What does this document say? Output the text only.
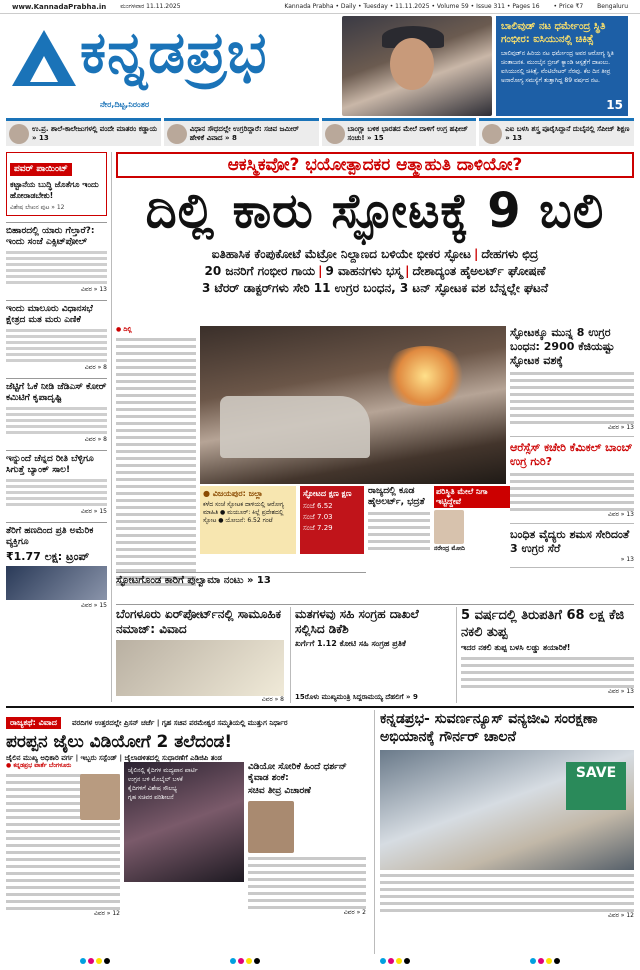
www.KannadaPrabha.in ಮಂಗಳವಾರ 11.11.2025	Kannada Prabha • Daily • Tuesday • 11.11.2025 • Volume 59 • Issue 311 • Pages 16 • Price ₹7 Bengaluru
ಕನ್ನಡಪ್ರಭ
ನೇರ,ದಿಟ್ಟ,ನಿರಂತರ
ಬಾಲಿವುಡ್ ನಟ ಧರ್ಮೇಂದ್ರ ಸ್ಥಿತಿ ಗಂಭೀರ: ಐಸಿಯುನಲ್ಲಿ ಚಿಕಿತ್ಸೆ
ಬಾಲಿವುಡ್‌ನ ಹಿರಿಯ ನಟ ಧರ್ಮೇಂದ್ರ ಅವರ ಆರೋಗ್ಯ ಸ್ಥಿತಿ ಚಿಂತಾಜನಕ. ಮುಂಬೈನ ಬ್ರೀಚ್ ಕ್ಯಾಂಡಿ ಆಸ್ಪತ್ರೆಗೆ ದಾಖಲು. ಐಸಿಯುನಲ್ಲಿ ಚಿಕಿತ್ಸೆ, ವೆಂಟಿಲೇಟರ್ ನೆರವು. ಕೆಲ ದಿನ ತೀವ್ರ ಅನಾರೋಗ್ಯ ಸಮಸ್ಯೆಗೆ ತುತ್ತಾಗಿದ್ದ 89 ವರ್ಷದ ನಟ.
15
ಉ.ಪ್ರ. ಶಾಲೆ-ಕಾಲೇಜುಗಳಲ್ಲಿ ವಂದೇ ಮಾತರಂ ಕಡ್ಡಾಯ » 13
ವಿಧಾನ ಸೌಧದಲ್ಲೇ ಉಗ್ರರಿದ್ದಾರೆ: ಸಚಿವ ಜಮೀರ್ ಹೇಳಿಕೆ ವಿವಾದ » 8
ಬಾಂಗ್ಲಾ ಬಳಿಕ ಭಾರತದ ಮೇಲೆ ದಾಳಿಗೆ ಉಗ್ರ ಹಫೀಜ್ ಸಂಚು! » 15
ಎಐ ಬಳಸಿ ಶಸ್ತ್ರ ಪೂರೈಸಿದ್ದಾನೆ ದುಬೈನಲ್ಲಿ ಸೆಪೀಜ್ ಶಿಕ್ಷಣ » 13
ಪವರ್ ಪಾಯಿಂಟ್
ಕಟ್ಟಾನೆಯ ಬುದ್ಧಿ ಜೊತೆಗೂ ಇಂದು ಹೋರಾಡಬೇಕು!
ವಿಶೇಷ ಲೇಖನ ಪುಟ » 12
ಬಿಹಾರದಲ್ಲಿ ಯಾರು ಗೆಲ್ತಾರೆ?: ಇಂದು ಸಂಜೆ ಎಕ್ಸಿಟ್‌ಪೋಲ್
ವಿವರ » 13
ಇಂದು ಮಾಲೂರು ವಿಧಾನಸಭೆ ಕ್ಷೇತ್ರದ ಮತ ಮರು ಎಣಿಕೆ
ವಿವರ » 8
ಜೆಟ್ಟಿಗೆ ಓಕೆ ನೀಡಿ ಜೆಡಿಎಸ್ ಕೋರ್ ಕಮಿಟಿಗೆ ಕೃಪಾದೃಷ್ಟಿ
ವಿವರ » 8
ಇನ್ನುಂದೆ ಚೆನ್ನದ ರೀತಿ ಬೆಳ್ಳಿಗೂ ಸಿಗುತ್ತೆ ಬ್ಯಾಂಕ್ ಸಾಲ!
ವಿವರ » 15
ತೆರಿಗೆ ಹಣದಿಂದ ಪ್ರತಿ ಅಮೆರಿಕ ವ್ಯಕ್ತಿಗೂ
₹1.77 ಲಕ್ಷ: ಟ್ರಂಪ್
ವಿವರ » 15
ಆಕಸ್ಮಿಕವೋ? ಭಯೋತ್ಪಾದಕರ ಆತ್ಮಾಹುತಿ ದಾಳಿಯೋ?
ದಿಲ್ಲಿ ಕಾರು ಸ್ಫೋಟಕ್ಕೆ 9 ಬಲಿ
ಐತಿಹಾಸಿಕ ಕೆಂಪುಕೋಟೆ ಮೆಟ್ರೋ ನಿಲ್ದಾಣದ ಬಳಿಯೇ ಭೀಕರ ಸ್ಫೋಟ | ದೇಹಗಳು ಛಿದ್ರ
20 ಜನರಿಗೆ ಗಂಭೀರ ಗಾಯ | 9 ವಾಹನಗಳು ಭಸ್ಮ | ದೇಶಾದ್ಯಂತ ಹೈಅಲರ್ಟ್ ಘೋಷಣೆ
3 ಟೆರರ್ ಡಾಕ್ಟರ್‌ಗಳು ಸೇರಿ 11 ಉಗ್ರರ ಬಂಧನ, 3 ಟನ್ ಸ್ಫೋಟಕ ವಶ ಬೆನ್ನಲ್ಲೇ ಘಟನೆ
● ದಿಲ್ಲಿ	ಸ್ಫೋಟಕ್ಕೂ ಮುನ್ನ 8 ಉಗ್ರರ ಬಂಧನ: 2900 ಕೆಜಿಯಷ್ಟು ಸ್ಫೋಟಕ ವಶಕ್ಕೆ
ವಿವರ » 13
ಆರೆಸ್ಸೆಸ್ ಕಚೇರಿ ಕೆಮಿಕಲ್ ಬಾಂಬ್ ಉಗ್ರ ಗುರಿ?
ವಿವರ » 13
ಬಂಧಿತ ವೈದ್ಯರು ಶಮಸ ಸೇರಿದಂತೆ 3 ಉಗ್ರರ ಸೆರೆ
» 13
● ವಿಜಯಪುರ: ಜಲ್ಲಾ
ಕಳೆದ ಸಂಜೆ ಸ್ಫೋಟಕ ದಾಳಿಯಲ್ಲಿ ಆರೋಗ್ಯ ಮಾಹಿತಿ ● ಮಯೂರ್: ಕಿಲ್ಲೆ ಪ್ರದೇಶದಲ್ಲಿ ಸ್ಫೋಟ ● ಯೋಜನೆ: 6.52 ಗಂಟೆ
ಸ್ಫೋಟದ ಕ್ಷಣ ಕ್ಷಣ
ಸಂಜೆ 6.52
ಸಂಜೆ 7.03
ಸಂಜೆ 7.29
ರಾಜ್ಯದಲ್ಲಿ ಕೂಡ ಹೈಅಲರ್ಟ್, ಭದ್ರತೆ
ಪರಿಸ್ಥಿತಿ ಮೇಲೆ ನಿಗಾ ಇಟ್ಟಿದ್ದೇವೆ
ನರೇಂದ್ರ ಮೋದಿ
ಸ್ಫೋಟಗೊಂಡ ಕಾರಿಗೆ ಪುಲ್ವಾಮಾ ನಂಟು » 13
ಬೆಂಗಳೂರು ಏರ್‌ಪೋರ್ಟ್‌ನಲ್ಲಿ ಸಾಮೂಹಿಕ ನಮಾಜ್: ವಿವಾದ
ವಿವರ » 8
ಮತಗಳವು ಸಹಿ ಸಂಗ್ರಹ ದಾಖಲೆ ಸಲ್ಲಿಸಿದ ಡಿಕೆಶಿ
ಖರ್ಗೆಗೆ 1.12 ಕೋಟಿ ಸಹಿ ಸಂಗ್ರಹ ಪ್ರತಿಕೆ
15ರೊಳು ಮುಖ್ಯಮಂತ್ರಿ ಸಿದ್ದರಾಮಯ್ಯ ದೆಹಲಿಗೆ » 9
5 ವರ್ಷದಲ್ಲಿ ತಿರುಪತಿಗೆ 68 ಲಕ್ಷ ಕೆಜಿ ನಕಲಿ ತುಪ್ಪ
ಇದರ ನಕಲಿ ತುಪ್ಪ ಬಳಸಿ ಲಡ್ಡು ತಯಾರಿಕೆ!
ವಿವರ » 13
ರಾಜ್ಯಕಥೆ: ವಿವಾದ ವರದಿಗಳ ಉತ್ತರದಲ್ಲೇ ಪ್ರಿಸನ್ ಚರ್ಚೆ | ಗೃಹ ಸಚಿವ ಪರಮೇಶ್ವರ ಸಮ್ಮತಿಯಲ್ಲಿ ಮುತ್ತುಗ ನಿರ್ಧಾರ
ಪರಪ್ಪನ ಜೈಲು ವಿಡಿಯೋಗೆ 2 ತಲೆದಂಡ!
ಜೈಲಿನ ಮುಖ್ಯ ಅಧಿಕಾರಿ ವರ್ಗ | ಇಬ್ಬರು ಸಸ್ಪೆಂಡ್ | ಜೈಲಾಡಳಿತದಲ್ಲಿ ಸುಧಾರಣೆಗೆ ಎಡಿಜಿಪಿ ತಂಡ
● ಕನ್ನಡಪ್ರಭ ವಾರ್ತೆ ಬೆಂಗಳೂರು
ವಿವರ » 12
ಜೈಲಿನಲ್ಲಿ ಕೈದಿಗಳ ಮದ್ಯಪಾನ ಪಾರ್ಟಿ
ಉಗ್ರನ ಬಳಿ ಮೊಬೈಲ್ ಬಳಕೆ
ಕೈದಿಗಳಿಗೆ ವಿಶೇಷ ಸೌಲಭ್ಯ
ಗೃಹ ಸಚಿವರ ಪರಿಶೀಲನೆ
ವಿಡಿಯೋ ಸೋರಿಕೆ ಹಿಂದೆ ಧರ್ಶನ್ ಕೈವಾಡ ಶಂಕೆ:
ಸಚಿವ ತೀವ್ರ ವಿಚಾರಣೆ
ವಿವರ » 2
ಕನ್ನಡಪ್ರಭ- ಸುವರ್ಣನ್ಯೂಸ್ ವನ್ಯಜೀವಿ ಸಂರಕ್ಷಣಾ ಅಭಿಯಾನಕ್ಕೆ ಗೌರ್ನರ್ ಚಾಲನೆ
SAVE
ವಿವರ » 12
